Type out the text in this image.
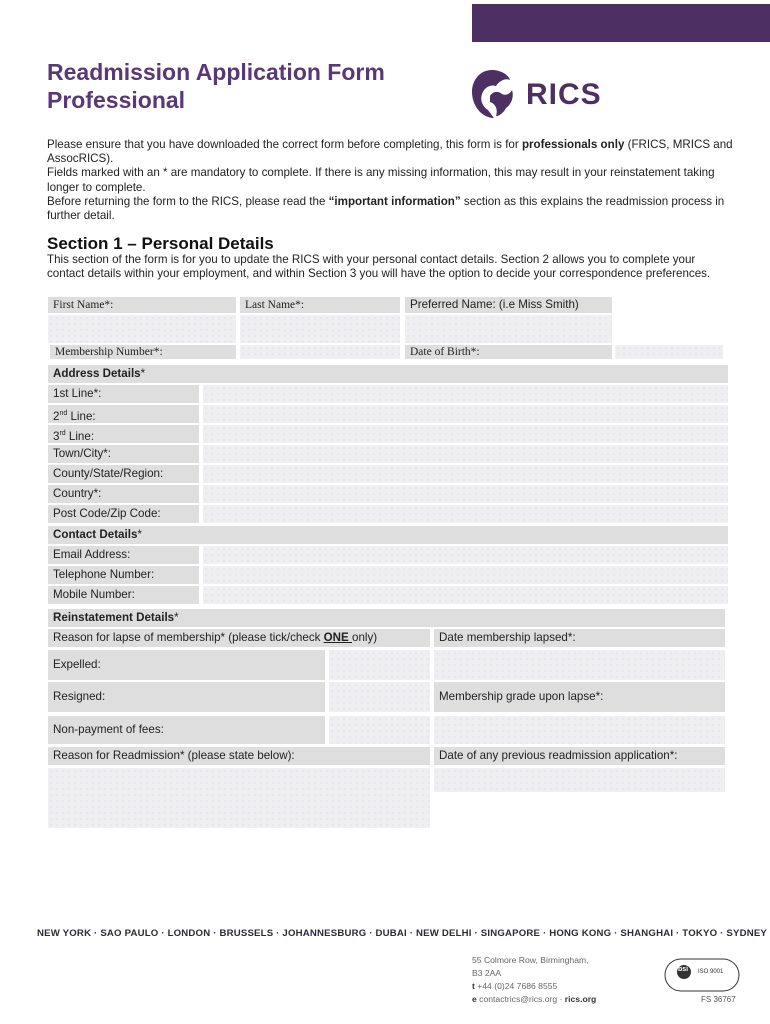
Readmission Application Form
Professional	RICS

Please ensure that you have downloaded the correct form before completing, this form is for professionals only (FRICS, MRICS and AssocRICS).

Fields marked with an * are mandatory to complete. If there is any missing information, this may result in your reinstatement taking longer to complete.

Before returning the form to the RICS, please read the “important information” section as this explains the readmission process in further detail.

Section 1 – Personal Details
This section of the form is for you to update the RICS with your personal contact details. Section 2 allows you to complete your contact details within your employment, and within Section 3 you will have the option to decide your correspondence preferences.
First Name*:	Last Name*:	Preferred Name: (i.e Miss Smith)
Membership Number*:	Date of Birth*:
Address Details*
1st Line*:
2nd Line:
3rd Line:
Town/City*:
County/State/Region:
Country*:
Post Code/Zip Code:
Contact Details*
Email Address:
Telephone Number:
Mobile Number:
Reinstatement Details*
Reason for lapse of membership* (please tick/check ONE only)	Date membership lapsed*:
Expelled:
Resigned:	Membership grade upon lapse*:
Non-payment of fees:
Reason for Readmission* (please state below):	Date of any previous readmission application*:
NEW YORK · SAO PAULO · LONDON · BRUSSELS · JOHANNESBURG · DUBAI · NEW DELHI · SINGAPORE · HONG KONG · SHANGHAI · TOKYO · SYDNEY
55 Colmore Row, Birmingham,
B3 2AA
t +44 (0)24 7686 8555
e contactrics@rics.org · rics.org
bsi ISO 9001
FS 36767
